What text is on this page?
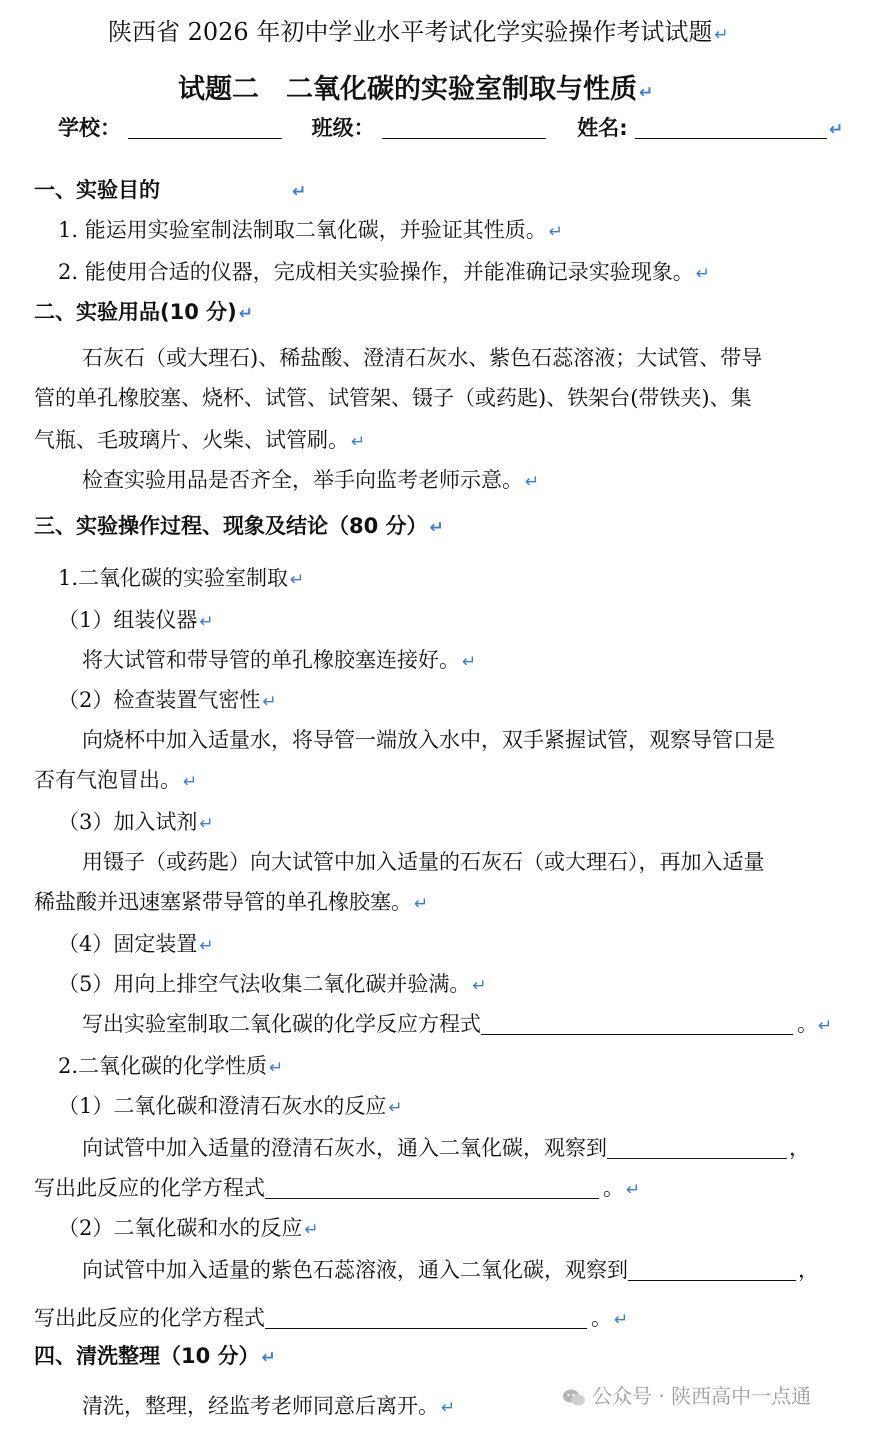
陕西省 2026 年初中学业水平考试化学实验操作考试试题 ↵
试题二　二氧化碳的实验室制取与性质 ↵
学校：	班级：	姓名:	↵
一、实验目的	↵
1. 能运用实验室制法制取二氧化碳，并验证其性质。 ↵
2. 能使用合适的仪器，完成相关实验操作，并能准确记录实验现象。 ↵
二、实验用品(10 分) ↵
石灰石（或大理石)、稀盐酸、澄清石灰水、紫色石蕊溶液；大试管、带导
管的单孔橡胶塞、烧杯、试管、试管架、镊子（或药匙)、铁架台(带铁夹)、集
气瓶、毛玻璃片、火柴、试管刷。 ↵
检查实验用品是否齐全，举手向监考老师示意。 ↵
三、实验操作过程、现象及结论（80 分） ↵
1.二氧化碳的实验室制取 ↵
（1）组装仪器 ↵
将大试管和带导管的单孔橡胶塞连接好。 ↵
（2）检查装置气密性 ↵
向烧杯中加入适量水，将导管一端放入水中，双手紧握试管，观察导管口是
否有气泡冒出。 ↵
（3）加入试剂 ↵
用镊子（或药匙）向大试管中加入适量的石灰石（或大理石），再加入适量
稀盐酸并迅速塞紧带导管的单孔橡胶塞。 ↵
（4）固定装置 ↵
（5）用向上排空气法收集二氧化碳并验满。 ↵
写出实验室制取二氧化碳的化学反应方程式	。↵
2.二氧化碳的化学性质 ↵
（1）二氧化碳和澄清石灰水的反应 ↵
向试管中加入适量的澄清石灰水，通入二氧化碳，观察到	，
写出此反应的化学方程式	。 ↵
（2）二氧化碳和水的反应 ↵
向试管中加入适量的紫色石蕊溶液，通入二氧化碳，观察到	，
写出此反应的化学方程式	。 ↵
四、清洗整理（10 分） ↵
清洗，整理，经监考老师同意后离开。 ↵	公众号 · 陕西高中一点通
